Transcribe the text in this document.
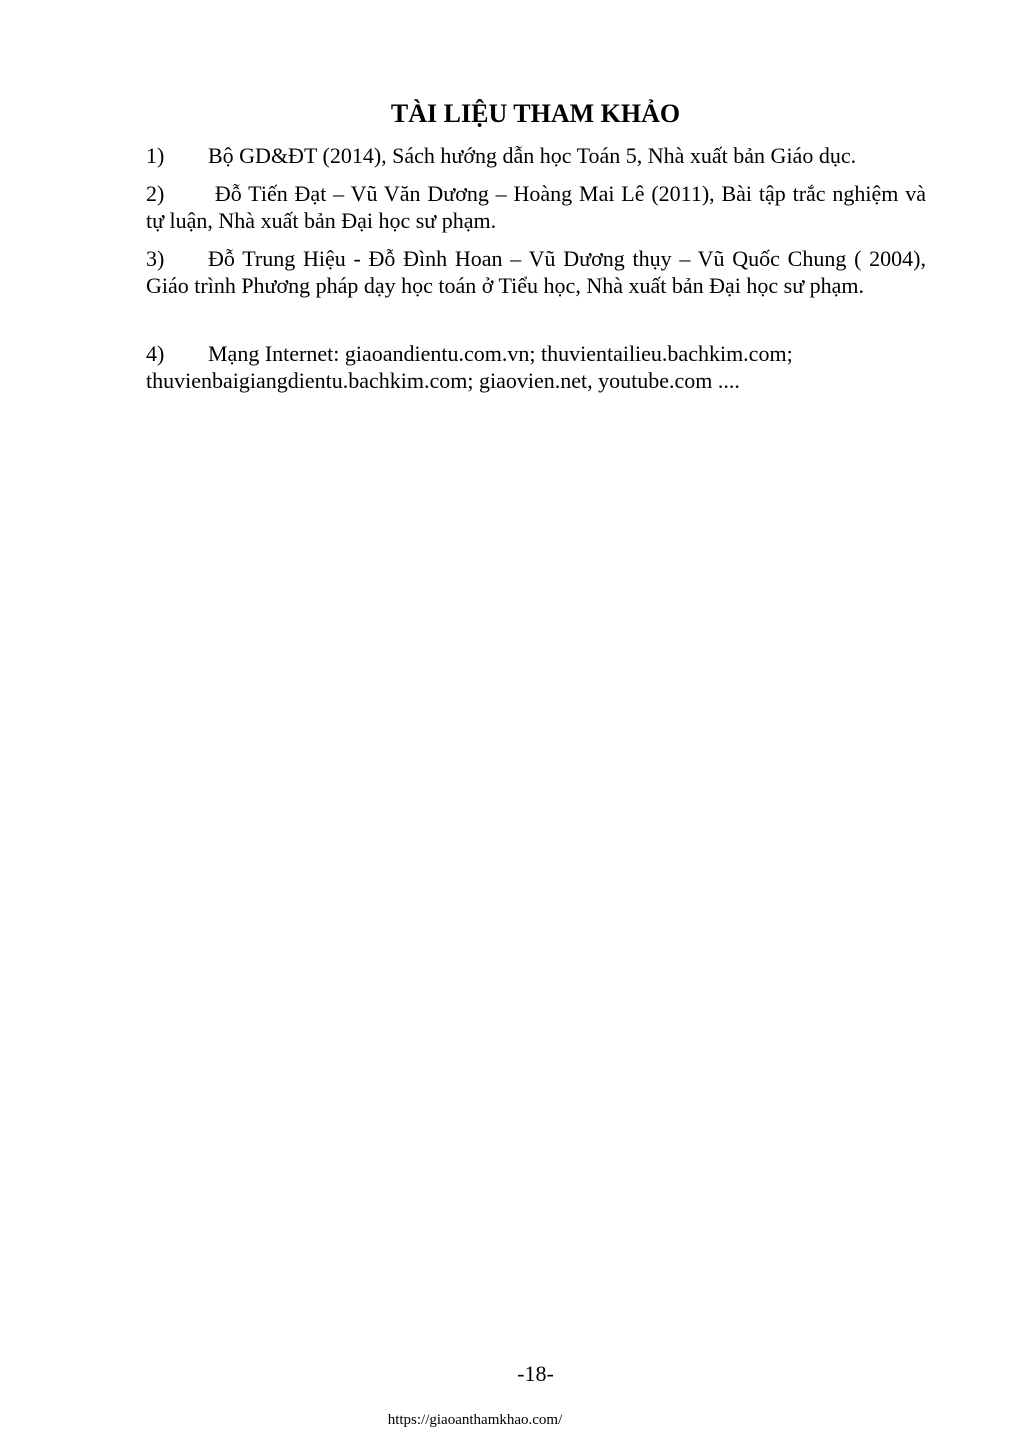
TÀI LIỆU THAM KHẢO

1) Bộ GD&ĐT (2014), Sách hướng dẫn học Toán 5, Nhà xuất bản Giáo dục.

2) Đỗ Tiến Đạt – Vũ Văn Dương – Hoàng Mai Lê (2011), Bài tập trắc nghiệm và tự luận, Nhà xuất bản Đại học sư phạm.

3) Đỗ Trung Hiệu - Đỗ Đình Hoan – Vũ Dương thụy – Vũ Quốc Chung ( 2004), Giáo trình Phương pháp dạy học toán ở Tiểu học, Nhà xuất bản Đại học sư phạm.

4) Mạng Internet: giaoandientu.com.vn; thuvientailieu.bachkim.com; thuvienbaigiangdientu.bachkim.com; giaovien.net, youtube.com ....

-18-
https://giaoanthamkhao.com/
